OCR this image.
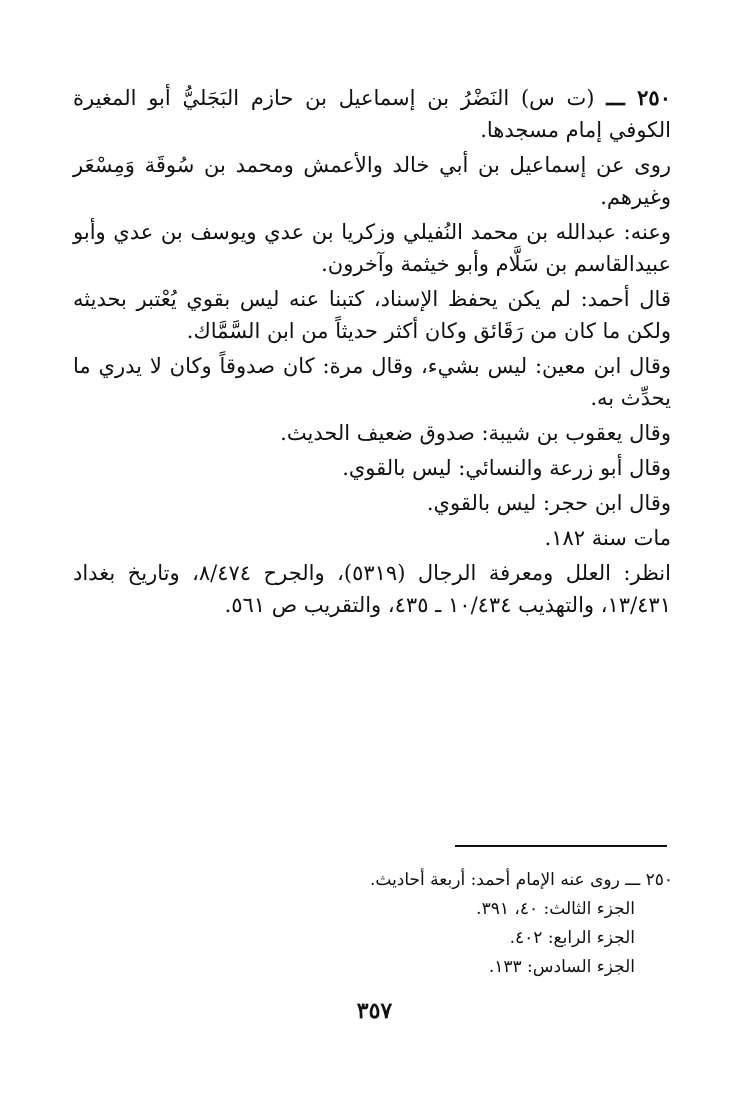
٢٥٠ ـــ (ت س) النَضْرُ بن إسماعيل بن حازم البَجَليُّ أبو المغيرة الكوفي إمام مسجدها.

روى عن إسماعيل بن أبي خالد والأعمش ومحمد بن سُوقَة وَمِسْعَر وغيرهم.

وعنه: عبدالله بن محمد النُفيلي وزكريا بن عدي ويوسف بن عدي وأبو عبيدالقاسم بن سَلَّام وأبو خيثمة وآخرون.

قال أحمد: لم يكن يحفظ الإسناد، كتبنا عنه ليس بقوي يُعْتبر بحديثه ولكن ما كان من رَقَائق وكان أكثر حديثاً من ابن السَّمَّاك.

وقال ابن معين: ليس بشيء، وقال مرة: كان صدوقاً وكان لا يدري ما يحدِّث به.

وقال يعقوب بن شيبة: صدوق ضعيف الحديث.

وقال أبو زرعة والنسائي: ليس بالقوي.

وقال ابن حجر: ليس بالقوي.

مات سنة ١٨٢.

انظر: العلل ومعرفة الرجال (٥٣١٩)، والجرح ٨/٤٧٤، وتاريخ بغداد ١٣/٤٣١، والتهذيب ١٠/٤٣٤ ـ ٤٣٥، والتقريب ص ٥٦١.

٢٥٠ ـــ روى عنه الإمام أحمد: أربعة أحاديث.

الجزء الثالث: ٤٠، ٣٩١.

الجزء الرابع: ٤٠٢.

الجزء السادس: ١٣٣.

٣٥٧
